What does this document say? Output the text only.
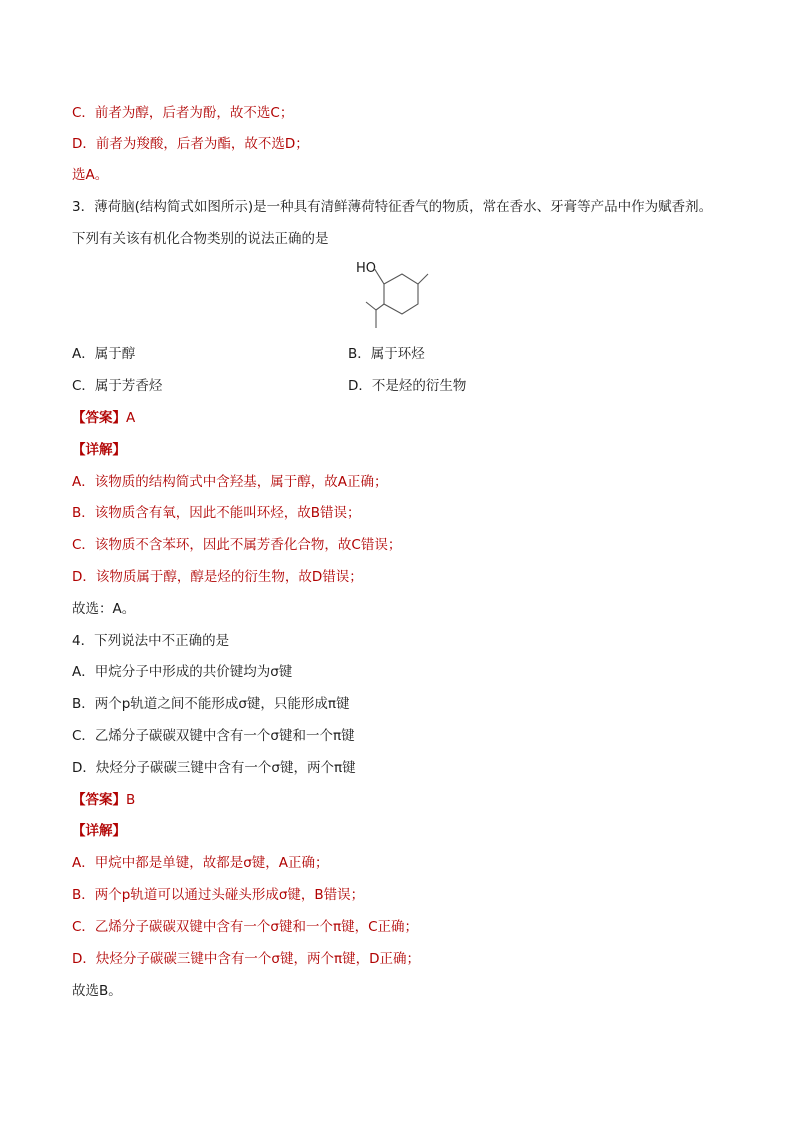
C．前者为醇，后者为酚，故不选C；
D．前者为羧酸，后者为酯，故不选D；
选A。
3．薄荷脑(结构简式如图所示)是一种具有清鲜薄荷特征香气的物质，常在香水、牙膏等产品中作为赋香剂。
下列有关该有机化合物类别的说法正确的是
HO
A．属于醇	B．属于环烃
C．属于芳香烃	D．不是烃的衍生物
【答案】A
【详解】
A．该物质的结构简式中含羟基，属于醇，故A正确；
B．该物质含有氧，因此不能叫环烃，故B错误；
C．该物质不含苯环，因此不属芳香化合物，故C错误；
D．该物质属于醇，醇是烃的衍生物，故D错误；
故选：A。
4．下列说法中不正确的是
A．甲烷分子中形成的共价键均为σ键
B．两个p轨道之间不能形成σ键，只能形成π键
C．乙烯分子碳碳双键中含有一个σ键和一个π键
D．炔烃分子碳碳三键中含有一个σ键，两个π键
【答案】B
【详解】
A．甲烷中都是单键，故都是σ键，A正确；
B．两个p轨道可以通过头碰头形成σ键，B错误；
C．乙烯分子碳碳双键中含有一个σ键和一个π键，C正确；
D．炔烃分子碳碳三键中含有一个σ键，两个π键，D正确；
故选B。
